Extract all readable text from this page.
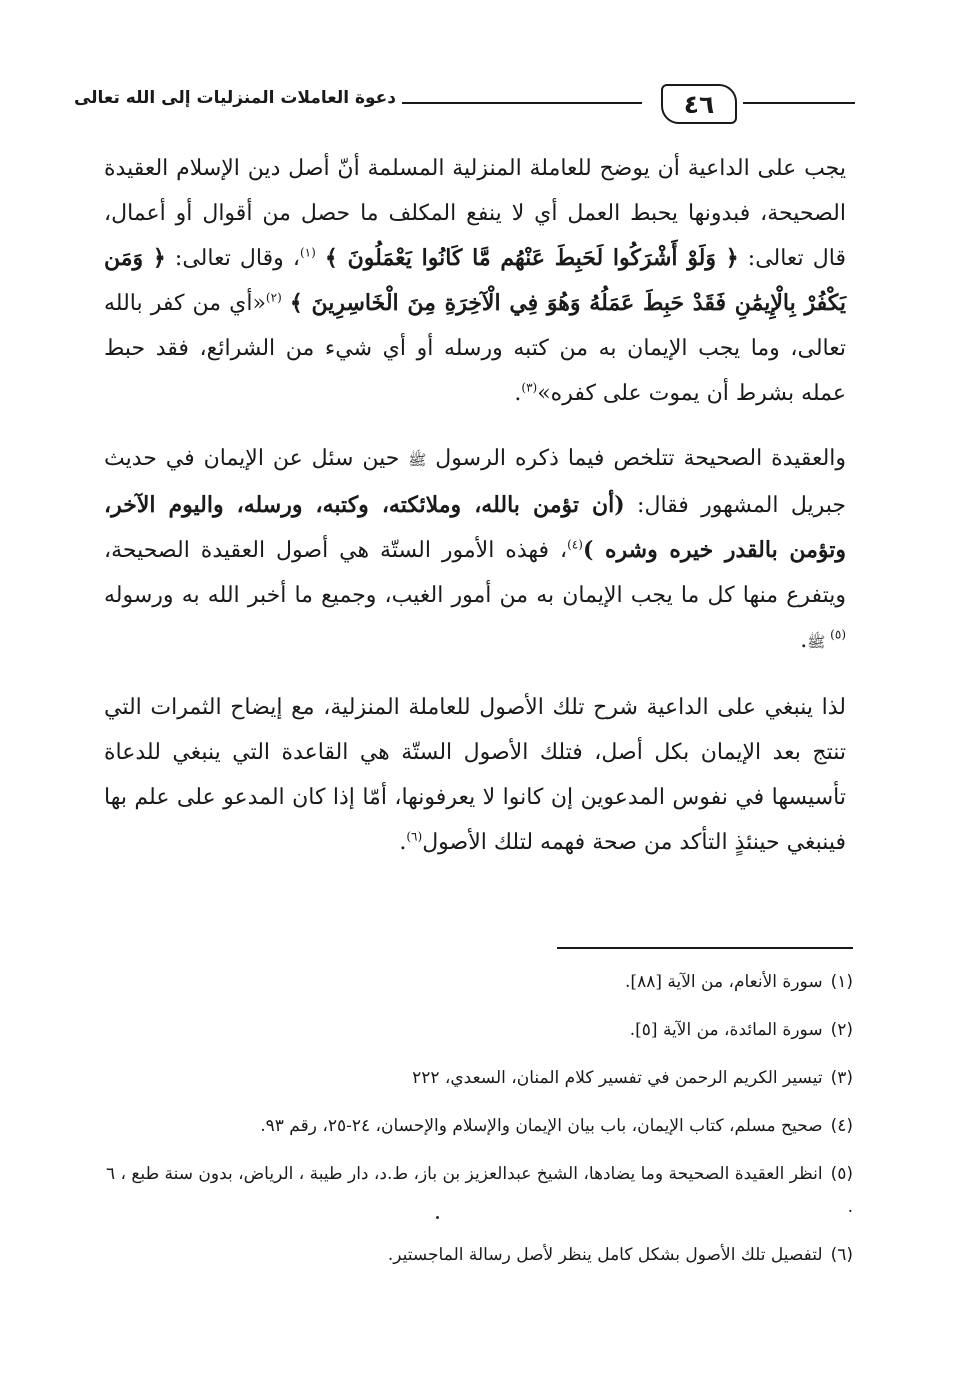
٤٦
دعوة العاملات المنزليات إلى الله تعالى

يجب على الداعية أن يوضح للعاملة المنزلية المسلمة أنّ أصل دين الإسلام العقيدة الصحيحة، فبدونها يحبط العمل أي لا ينفع المكلف ما حصل من أقوال أو أعمال، قال تعالى: ﴿ وَلَوْ أَشْرَكُوا لَحَبِطَ عَنْهُم مَّا كَانُوا يَعْمَلُونَ ﴾ $^{(١)}$، وقال تعالى: ﴿ وَمَن يَكْفُرْ بِالْإِيمَٰنِ فَقَدْ حَبِطَ عَمَلُهُ وَهُوَ فِي الْآخِرَةِ مِنَ الْخَاسِرِينَ ﴾ $^{(٢)}$«أي من كفر بالله تعالى، وما يجب الإيمان به من كتبه ورسله أو أي شيء من الشرائع، فقد حبط عمله بشرط أن يموت على كفره»$^{(٣)}$.

والعقيدة الصحيحة تتلخص فيما ذكره الرسول ﷺ حين سئل عن الإيمان في حديث جبريل المشهور فقال: (أن تؤمن بالله، وملائكته، وكتبه، ورسله، واليوم الآخر، وتؤمن بالقدر خيره وشره )$^{(٤)}$، فهذه الأمور الستّة هي أصول العقيدة الصحيحة، ويتفرع منها كل ما يجب الإيمان به من أمور الغيب، وجميع ما أخبر الله به ورسوله $^{(٥)}$ ﷺ.

لذا ينبغي على الداعية شرح تلك الأصول للعاملة المنزلية، مع إيضاح الثمرات التي تنتج بعد الإيمان بكل أصل، فتلك الأصول الستّة هي القاعدة التي ينبغي للدعاة تأسيسها في نفوس المدعوين إن كانوا لا يعرفونها، أمّا إذا كان المدعو على علم بها فينبغي حينئذٍ التأكد من صحة فهمه لتلك الأصول$^{(٦)}$.

(١)سورة الأنعام، من الآية [٨٨].
(٢)سورة المائدة، من الآية [٥].
(٣)تيسير الكريم الرحمن في تفسير كلام المنان، السعدي، ٢٢٢
(٤)صحيح مسلم، كتاب الإيمان، باب بيان الإيمان والإسلام والإحسان، ٢٤-٢٥، رقم ٩٣.
(٥)انظر العقيدة الصحيحة وما يضادها، الشيخ عبدالعزيز بن باز، ط.د، دار طيبة ، الرياض، بدون سنة طبع ، ٦ .
(٦)لتفصيل تلك الأصول بشكل كامل ينظر لأصل رسالة الماجستير.
